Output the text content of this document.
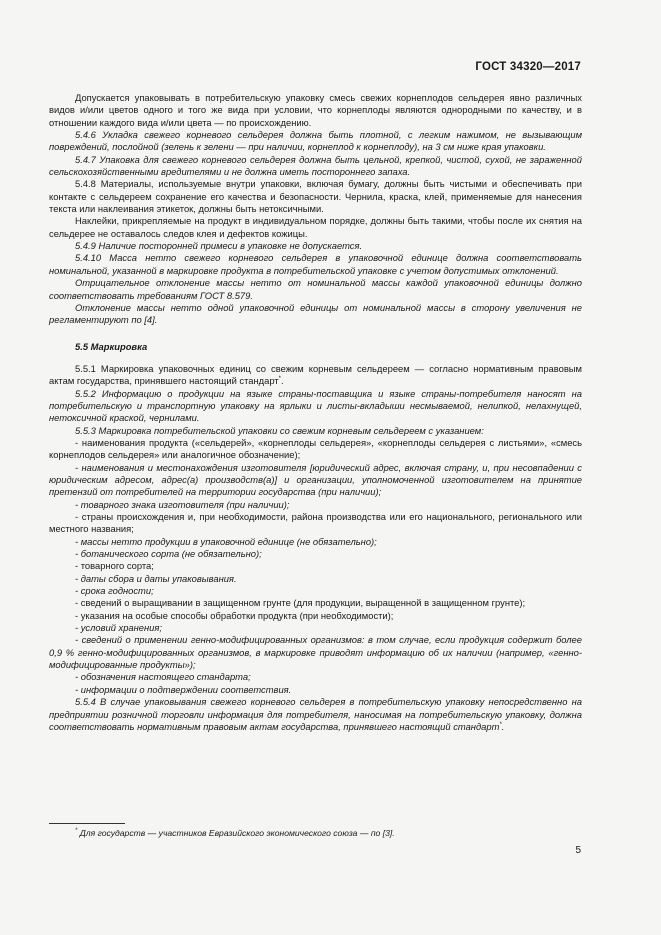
ГОСТ 34320—2017

Допускается упаковывать в потребительскую упаковку смесь свежих корнеплодов сельдерея явно различных видов и/или цветов одного и того же вида при условии, что корнеплоды являются однородными по качеству, и в отношении каждого вида и/или цвета — по происхождению.

5.4.6 Укладка свежего корневого сельдерея должна быть плотной, с легким нажимом, не вызывающим повреждений, послойной (зелень к зелени — при наличии, корнеплод к корнеплоду), на 3 см ниже края упаковки.

5.4.7 Упаковка для свежего корневого сельдерея должна быть цельной, крепкой, чистой, сухой, не зараженной сельскохозяйственными вредителями и не должна иметь постороннего запаха.

5.4.8 Материалы, используемые внутри упаковки, включая бумагу, должны быть чистыми и обеспечивать при контакте с сельдереем сохранение его качества и безопасности. Чернила, краска, клей, применяемые для нанесения текста или наклеивания этикеток, должны быть нетоксичными.

Наклейки, прикрепляемые на продукт в индивидуальном порядке, должны быть такими, чтобы после их снятия на сельдерее не оставалось следов клея и дефектов кожицы.

5.4.9 Наличие посторонней примеси в упаковке не допускается.

5.4.10 Масса нетто свежего корневого сельдерея в упаковочной единице должна соответствовать номинальной, указанной в маркировке продукта в потребительской упаковке с учетом допустимых отклонений.

Отрицательное отклонение массы нетто от номинальной массы каждой упаковочной единицы должно соответствовать требованиям ГОСТ 8.579.

Отклонение массы нетто одной упаковочной единицы от номинальной массы в сторону увеличения не регламентируют по [4].

5.5 Маркировка

5.5.1 Маркировка упаковочных единиц со свежим корневым сельдереем — согласно нормативным правовым актам государства, принявшего настоящий стандарт*.

5.5.2 Информацию о продукции на языке страны-поставщика и языке страны-потребителя наносят на потребительскую и транспортную упаковку на ярлыки и листы-вкладыши несмываемой, нелипкой, нелахнущей, нетоксичной краской, чернилами.

5.5.3 Маркировка потребительской упаковки со свежим корневым сельдереем с указанием:

- наименования продукта («сельдерей», «корнеплоды сельдерея», «корнеплоды сельдерея с листьями», «смесь корнеплодов сельдерея» или аналогичное обозначение);

- наименования и местонахождения изготовителя [юридический адрес, включая страну, и, при несовпадении с юридическим адресом, адрес(а) производств(а)] и организации, уполномоченной изготовителем на принятие претензий от потребителей на территории государства (при наличии);

- товарного знака изготовителя (при наличии);

- страны происхождения и, при необходимости, района производства или его национального, регионального или местного названия;

- массы нетто продукции в упаковочной единице (не обязательно);

- ботанического сорта (не обязательно);

- товарного сорта;

- даты сбора и даты упаковывания.

- срока годности;

- сведений о выращивании в защищенном грунте (для продукции, выращенной в защищенном грунте);

- указания на особые способы обработки продукта (при необходимости);

- условий хранения;

- сведений о применении генно-модифицированных организмов: в том случае, если продукция содержит более 0,9 % генно-модифицированных организмов, в маркировке приводят информацию об их наличии (например, «генно-модифицированные продукты»);

- обозначения настоящего стандарта;

- информации о подтверждении соответствия.

5.5.4 В случае упаковывания свежего корневого сельдерея в потребительскую упаковку непосредственно на предприятии розничной торговли информация для потребителя, наносимая на потребительскую упаковку, должна соответствовать нормативным правовым актам государства, принявшего настоящий стандарт*.

* Для государств — участников Евразийского экономического союза — по [3].
5
